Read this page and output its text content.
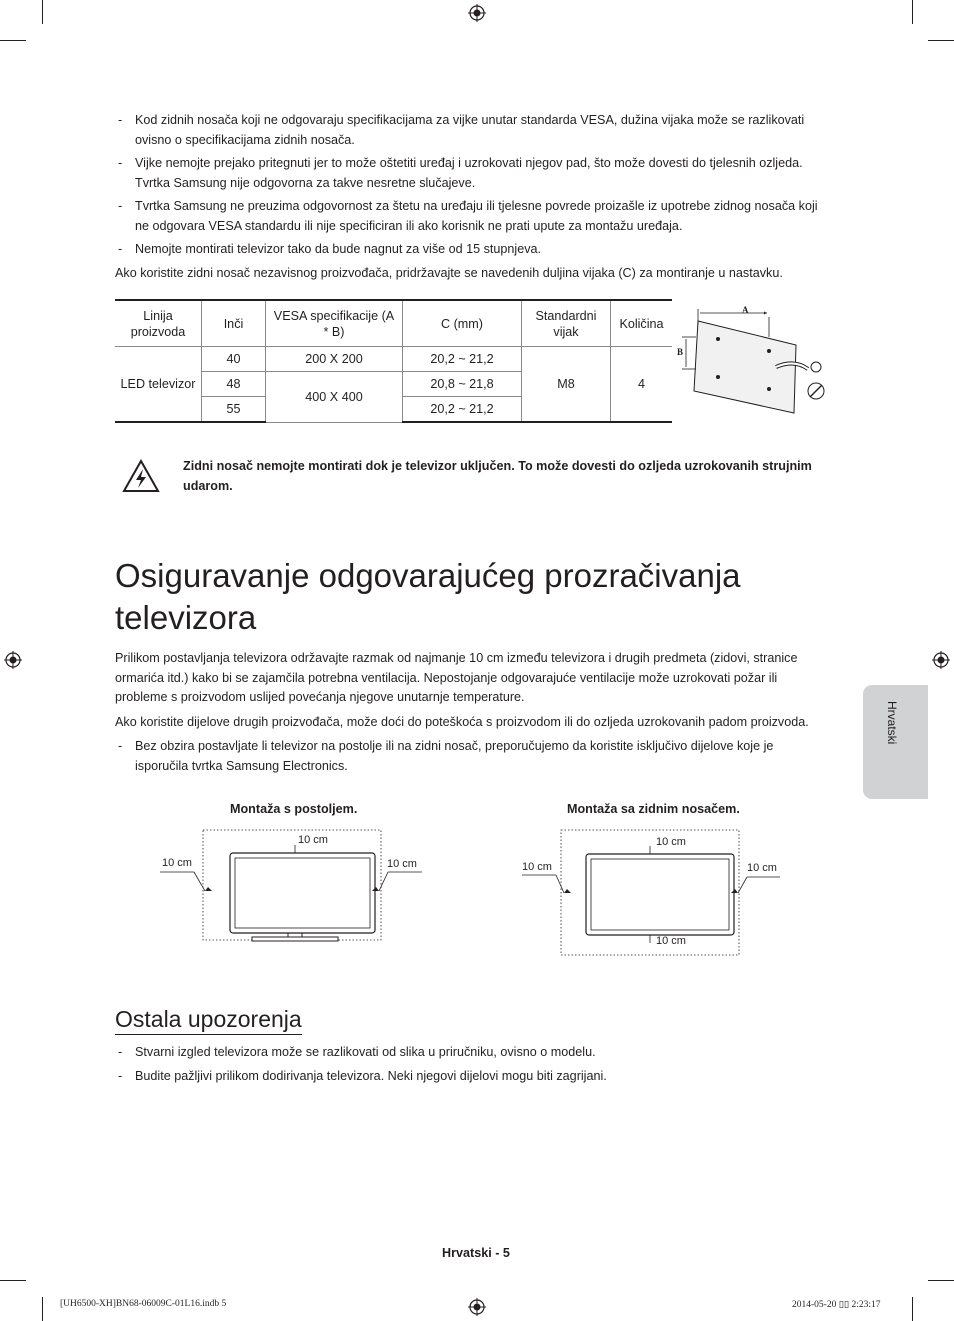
-	Kod zidnih nosača koji ne odgovaraju specifikacijama za vijke unutar standarda VESA, dužina vijaka može se razlikovati ovisno o specifikacijama zidnih nosača.
-	Vijke nemojte prejako pritegnuti jer to može oštetiti uređaj i uzrokovati njegov pad, što može dovesti do tjelesnih ozljeda. Tvrtka Samsung nije odgovorna za takve nesretne slučajeve.
-	Tvrtka Samsung ne preuzima odgovornost za štetu na uređaju ili tjelesne povrede proizašle iz upotrebe zidnog nosača koji ne odgovara VESA standardu ili nije specificiran ili ako korisnik ne prati upute za montažu uređaja.
-	Nemojte montirati televizor tako da bude nagnut za više od 15 stupnjeva.
Ako koristite zidni nosač nezavisnog proizvođača, pridržavajte se navedenih duljina vijaka (C) za montiranje u nastavku.
Linija proizvoda	Inči	VESA specifikacije (A * B)	C (mm)	Standardni vijak	Količina
LED televizor	40	200 X 200	20,2 ~ 21,2	M8	4
	48	400 X 400	20,8 ~ 21,8		
	55		20,2 ~ 21,2		
A
B
Zidni nosač nemojte montirati dok je televizor uključen. To može dovesti do ozljeda uzrokovanih strujnim udarom.
Osiguravanje odgovarajućeg prozračivanja televizora
Prilikom postavljanja televizora održavajte razmak od najmanje 10 cm između televizora i drugih predmeta (zidovi, stranice ormarića itd.) kako bi se zajamčila potrebna ventilacija. Nepostojanje odgovarajuće ventilacije može uzrokovati požar ili probleme s proizvodom uslijed povećanja njegove unutarnje temperature.
Ako koristite dijelove drugih proizvođača, može doći do poteškoća s proizvodom ili do ozljeda uzrokovanih padom proizvoda.
-	Bez obzira postavljate li televizor na postolje ili na zidni nosač, preporučujemo da koristite isključivo dijelove koje je isporučila tvrtka Samsung Electronics.
Hrvatski
Montaža s postoljem.
10 cm
10 cm	10 cm
Montaža sa zidnim nosačem.
10 cm
10 cm	10 cm
10 cm
Ostala upozorenja
-	Stvarni izgled televizora može se razlikovati od slika u priručniku, ovisno o modelu.
-	Budite pažljivi prilikom dodirivanja televizora. Neki njegovi dijelovi mogu biti zagrijani.
Hrvatski - 5
[UH6500-XH]BN68-06009C-01L16.indb 5	2014-05-20 ▯▯ 2:23:17
